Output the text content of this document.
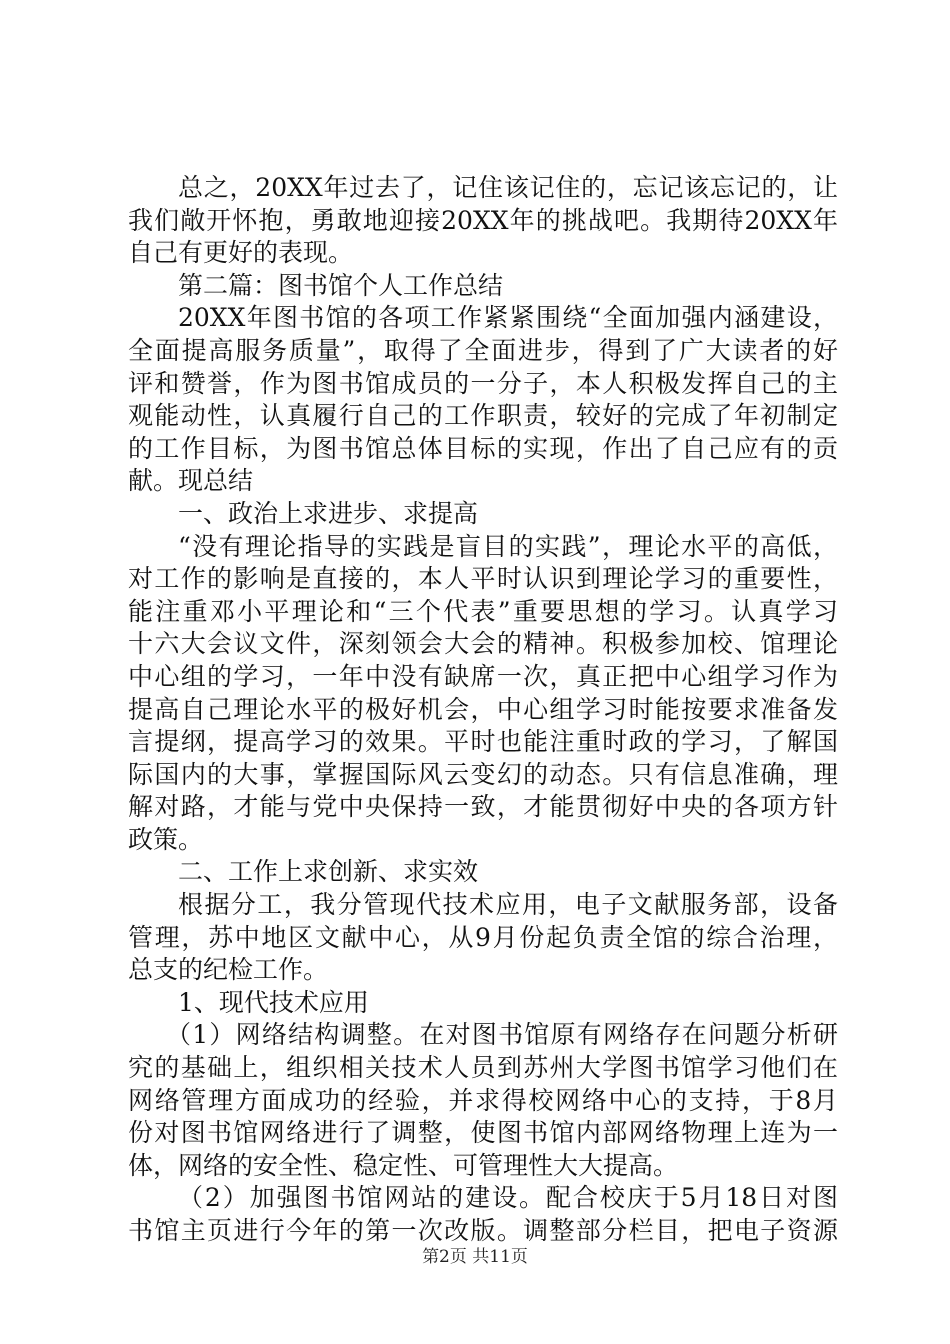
总之，20XX年过去了，记住该记住的，忘记该忘记的，让
我们敞开怀抱，勇敢地迎接20XX年的挑战吧。我期待20XX年
自己有更好的表现。
第二篇：图书馆个人工作总结
20XX年图书馆的各项工作紧紧围绕“全面加强内涵建设，
全面提高服务质量”，取得了全面进步，得到了广大读者的好
评和赞誉，作为图书馆成员的一分子，本人积极发挥自己的主
观能动性，认真履行自己的工作职责，较好的完成了年初制定
的工作目标，为图书馆总体目标的实现，作出了自己应有的贡
献。现总结
一、政治上求进步、求提高
“没有理论指导的实践是盲目的实践”，理论水平的高低，
对工作的影响是直接的，本人平时认识到理论学习的重要性，
能注重邓小平理论和“三个代表”重要思想的学习。认真学习
十六大会议文件，深刻领会大会的精神。积极参加校、馆理论
中心组的学习，一年中没有缺席一次，真正把中心组学习作为
提高自己理论水平的极好机会，中心组学习时能按要求准备发
言提纲，提高学习的效果。平时也能注重时政的学习，了解国
际国内的大事，掌握国际风云变幻的动态。只有信息准确，理
解对路，才能与党中央保持一致，才能贯彻好中央的各项方针
政策。
二、工作上求创新、求实效
根据分工，我分管现代技术应用，电子文献服务部，设备
管理，苏中地区文献中心，从9月份起负责全馆的综合治理，
总支的纪检工作。
1、现代技术应用
（1）网络结构调整。在对图书馆原有网络存在问题分析研
究的基础上，组织相关技术人员到苏州大学图书馆学习他们在
网络管理方面成功的经验，并求得校网络中心的支持，于8月
份对图书馆网络进行了调整，使图书馆内部网络物理上连为一
体，网络的安全性、稳定性、可管理性大大提高。
（2）加强图书馆网站的建设。配合校庆于5月18日对图
书馆主页进行今年的第一次改版。调整部分栏目，把电子资源
第2页 共11页
